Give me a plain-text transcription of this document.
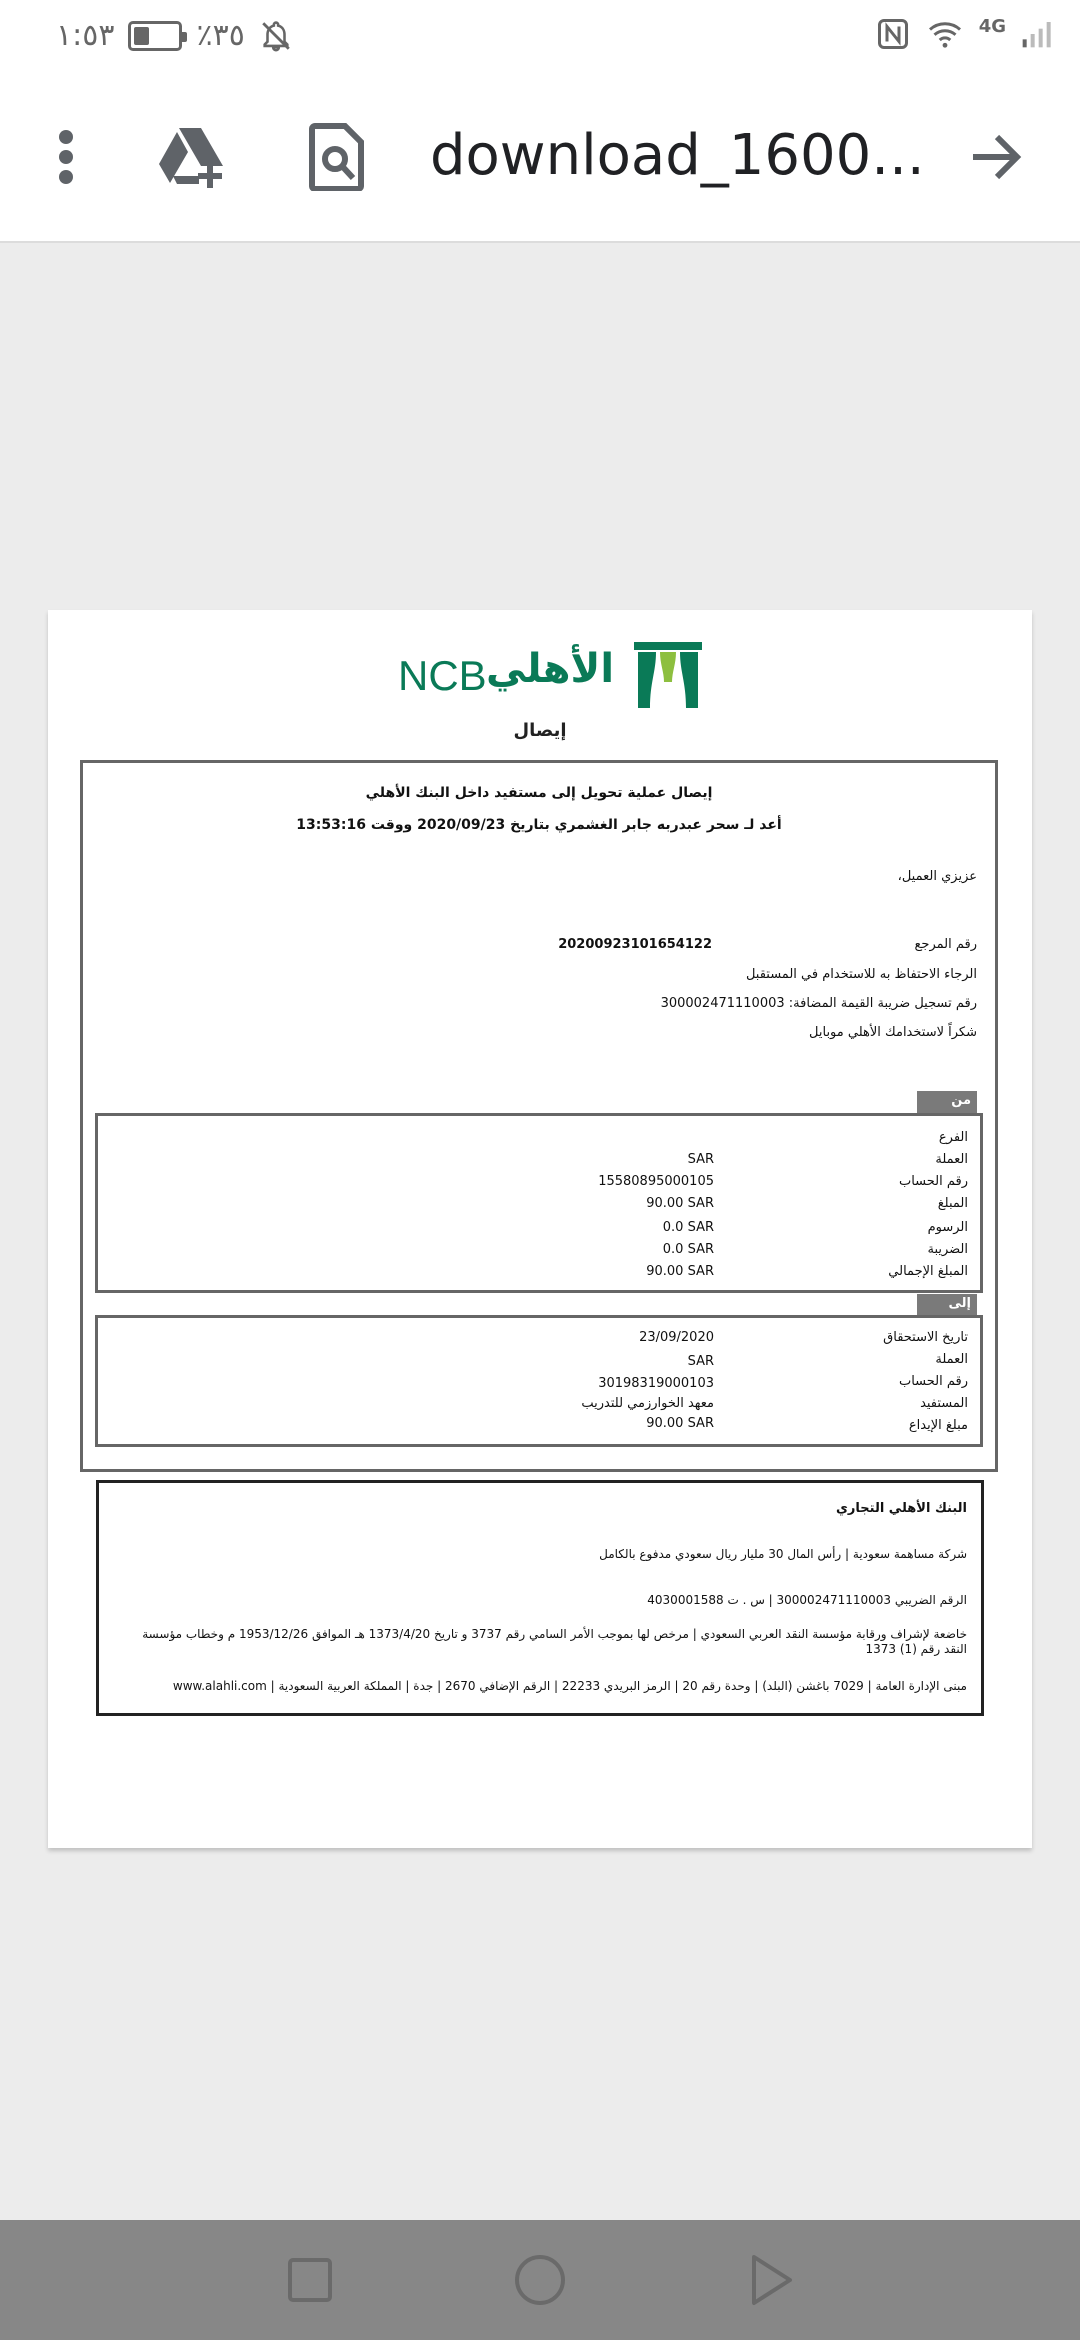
١:٥٣	٪٣٥	4G
download_1600...
NCB الأهلي
إيصال
إيصال عملية تحويل إلى مستفيد داخل البنك الأهلي
أعد لـ سحر عبدربه جابر الغشمري بتاريخ 2020/09/23 ووقت 13:53:16
عزيزي العميل،
رقم المرجع
20200923101654122
الرجاء الاحتفاظ به للاستخدام في المستقبل
رقم تسجيل ضريبة القيمة المضافة: 300002471110003
شكراً لاستخدامك الأهلي موبايل
من
الفرع
العملة
SAR
رقم الحساب
15580895000105
المبلغ
90.00 SAR
الرسوم
0.0 SAR
الضريبة
0.0 SAR
المبلغ الإجمالي
90.00 SAR
إلى
تاريخ الاستحقاق
23/09/2020
العملة
SAR
رقم الحساب
30198319000103
المستفيد
معهد الخوارزمي للتدريب
مبلغ الإيداع
90.00 SAR
البنك الأهلي التجاري
شركة مساهمة سعودية | رأس المال 30 مليار ريال سعودي مدفوع بالكامل
الرقم الضريبي 300002471110003 | س . ت 4030001588
خاضعة لإشراف ورقابة مؤسسة النقد العربي السعودي | مرخص لها بموجب الأمر السامي رقم 3737 و تاريخ 1373/4/20 هـ الموافق 1953/12/26 م وخطاب مؤسسة النقد رقم (1) 1373
مبنى الإدارة العامة | 7029 باغشن (البلد) | وحدة رقم 20 | الرمز البريدي 22233 | الرقم الإضافي 2670 | جدة | المملكة العربية السعودية | www.alahli.com
